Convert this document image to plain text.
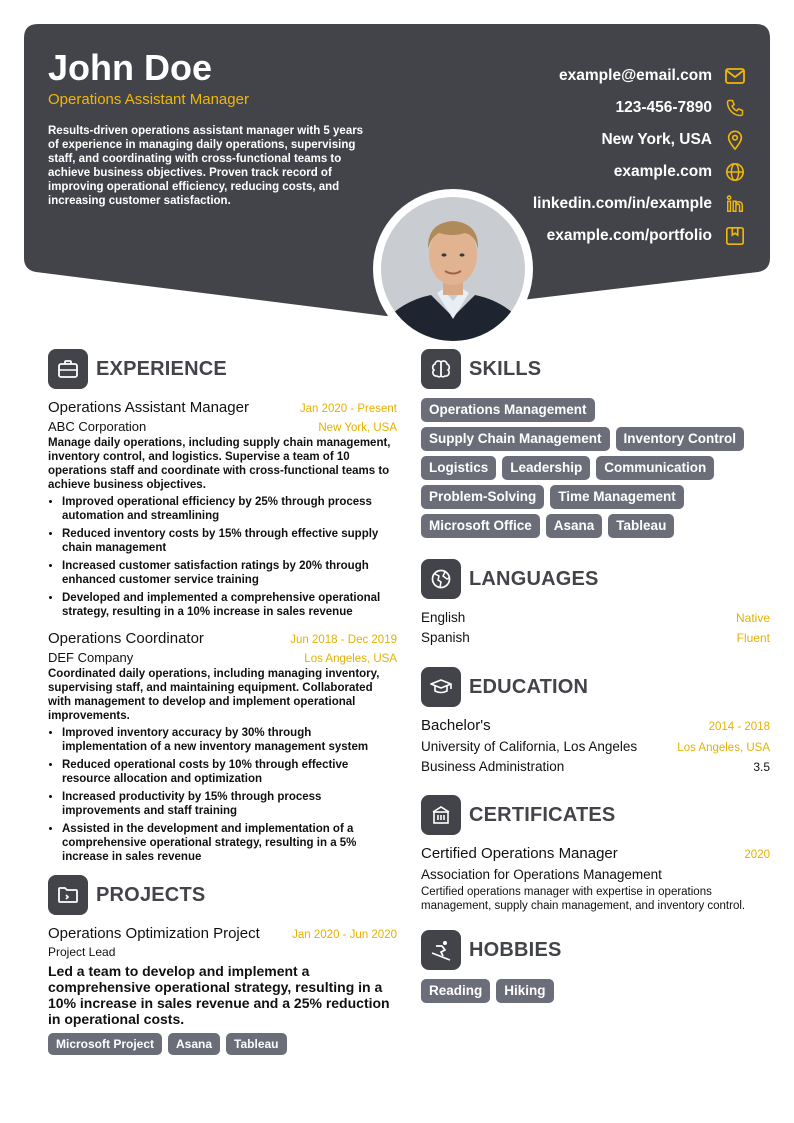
John Doe
Operations Assistant Manager
Results-driven operations assistant manager with 5 years of experience in managing daily operations, supervising staff, and coordinating with cross-functional teams to achieve business objectives. Proven track record of improving operational efficiency, reducing costs, and increasing customer satisfaction.
example@email.com
123-456-7890
New York, USA
example.com
linkedin.com/in/example
example.com/portfolio
EXPERIENCE
Operations Assistant Manager	Jan 2020 - Present
ABC Corporation	New York, USA
Manage daily operations, including supply chain management, inventory control, and logistics. Supervise a team of 10 operations staff and coordinate with cross-functional teams to achieve business objectives.
• Improved operational efficiency by 25% through process automation and streamlining
• Reduced inventory costs by 15% through effective supply chain management
• Increased customer satisfaction ratings by 20% through enhanced customer service training
• Developed and implemented a comprehensive operational strategy, resulting in a 10% increase in sales revenue
Operations Coordinator	Jun 2018 - Dec 2019
DEF Company	Los Angeles, USA
Coordinated daily operations, including managing inventory, supervising staff, and maintaining equipment. Collaborated with management to develop and implement operational improvements.
• Improved inventory accuracy by 30% through implementation of a new inventory management system
• Reduced operational costs by 10% through effective resource allocation and optimization
• Increased productivity by 15% through process improvements and staff training
• Assisted in the development and implementation of a comprehensive operational strategy, resulting in a 5% increase in sales revenue
PROJECTS
Operations Optimization Project	Jan 2020 - Jun 2020
Project Lead
Led a team to develop and implement a comprehensive operational strategy, resulting in a 10% increase in sales revenue and a 25% reduction in operational costs.
Microsoft Project	Asana	Tableau
SKILLS
Operations Management
Supply Chain Management	Inventory Control
Logistics	Leadership	Communication
Problem-Solving	Time Management
Microsoft Office	Asana	Tableau
LANGUAGES
English	Native
Spanish	Fluent
EDUCATION
Bachelor's	2014 - 2018
University of California, Los Angeles	Los Angeles, USA
Business Administration	3.5
CERTIFICATES
Certified Operations Manager	2020
Association for Operations Management
Certified operations manager with expertise in operations management, supply chain management, and inventory control.
HOBBIES
Reading	Hiking
